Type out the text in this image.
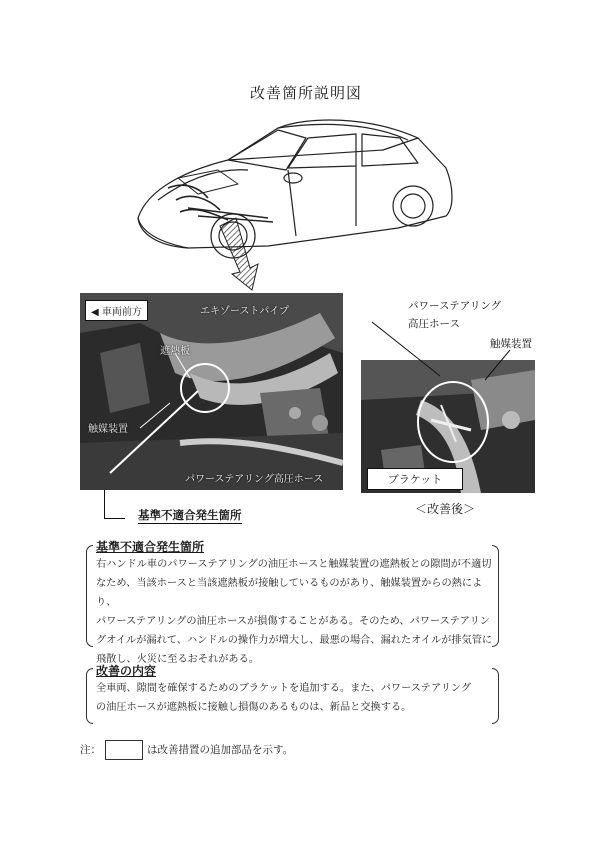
改善箇所説明図
◀ 車両前方	エキゾーストパイプ
遮熱板
触媒装置
パワーステアリング高圧ホース
パワーステアリング
高圧ホース
触媒装置
ブラケット
基準不適合発生箇所	＜改善後＞
基準不適合発生箇所
右ハンドル車のパワーステアリングの油圧ホースと触媒装置の遮熱板との隙間が不適切
なため、当該ホースと当該遮熱板が接触しているものがあり、触媒装置からの熱により、
パワーステアリングの油圧ホースが損傷することがある。そのため、パワーステアリン
グオイルが漏れて、ハンドルの操作力が増大し、最悪の場合、漏れたオイルが排気管に
飛散し、火災に至るおそれがある。
改善の内容
全車両、隙間を確保するためのブラケットを追加する。また、パワーステアリング
の油圧ホースが遮熱板に接触し損傷のあるものは、新品と交換する。
注：	は改善措置の追加部品を示す。
